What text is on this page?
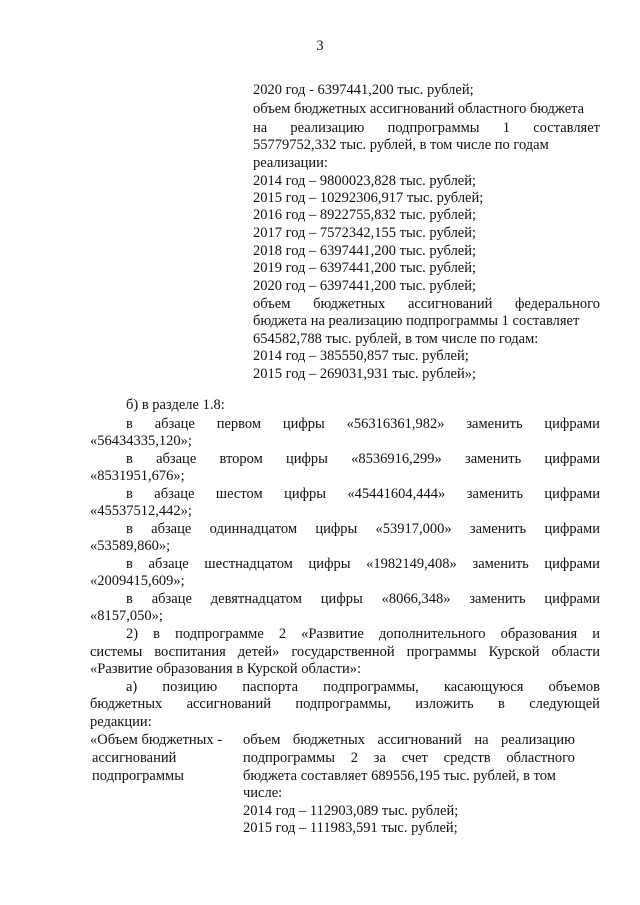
3
2020 год - 6397441,200 тыс. рублей;
объем бюджетных ассигнований областного бюджета
на реализацию подпрограммы 1 составляет
55779752,332 тыс. рублей, в том числе по годам
реализации:
2014 год – 9800023,828 тыс. рублей;
2015 год – 10292306,917 тыс. рублей;
2016 год – 8922755,832 тыс. рублей;
2017 год – 7572342,155 тыс. рублей;
2018 год – 6397441,200 тыс. рублей;
2019 год – 6397441,200 тыс. рублей;
2020 год – 6397441,200 тыс. рублей;
объем бюджетных ассигнований федерального
бюджета на реализацию подпрограммы 1 составляет
654582,788 тыс. рублей, в том числе по годам:
2014 год – 385550,857 тыс. рублей;
2015 год – 269031,931 тыс. рублей»;
б) в разделе 1.8:
в абзаце первом цифры «56316361,982» заменить цифрами
«56434335,120»;
в абзаце втором цифры «8536916,299» заменить цифрами
«8531951,676»;
в абзаце шестом цифры «45441604,444» заменить цифрами
«45537512,442»;
в абзаце одиннадцатом цифры «53917,000» заменить цифрами
«53589,860»;
в абзаце шестнадцатом цифры «1982149,408» заменить цифрами
«2009415,609»;
в абзаце девятнадцатом цифры «8066,348» заменить цифрами
«8157,050»;
2) в подпрограмме 2 «Развитие дополнительного образования и
системы воспитания детей» государственной программы Курской области
«Развитие образования в Курской области»:
а) позицию паспорта подпрограммы, касающуюся объемов
бюджетных ассигнований подпрограммы, изложить в следующей
редакции:
«Объем бюджетных -
ассигнований
подпрограммы
объем бюджетных ассигнований на реализацию
подпрограммы 2 за счет средств областного
бюджета составляет 689556,195 тыс. рублей, в том
числе:
2014 год – 112903,089 тыс. рублей;
2015 год – 111983,591 тыс. рублей;
